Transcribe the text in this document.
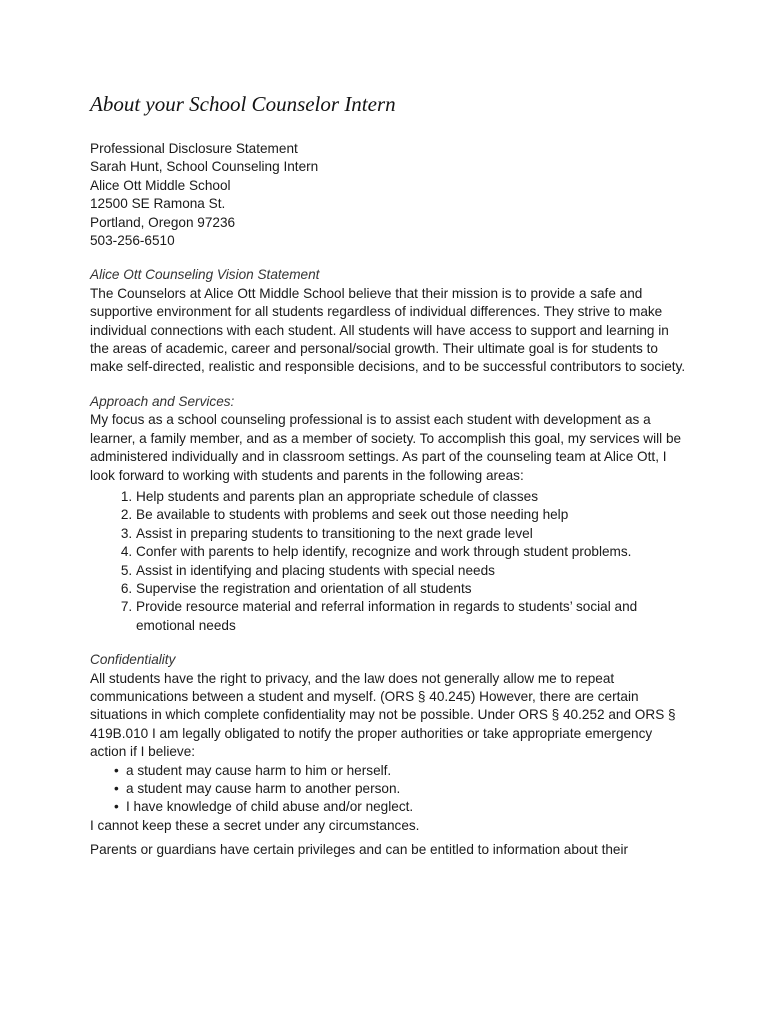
About your School Counselor Intern
Professional Disclosure Statement
Sarah Hunt, School Counseling Intern
Alice Ott Middle School
12500 SE Ramona St.
Portland, Oregon 97236
503-256-6510
Alice Ott Counseling Vision Statement

The Counselors at Alice Ott Middle School believe that their mission is to provide a safe and supportive environment for all students regardless of individual differences. They strive to make individual connections with each student. All students will have access to support and learning in the areas of academic, career and personal/social growth. Their ultimate goal is for students to make self-directed, realistic and responsible decisions, and to be successful contributors to society.

Approach and Services:

My focus as a school counseling professional is to assist each student with development as a learner, a family member, and as a member of society. To accomplish this goal, my services will be administered individually and in classroom settings. As part of the counseling team at Alice Ott, I look forward to working with students and parents in the following areas:

1. Help students and parents plan an appropriate schedule of classes
2. Be available to students with problems and seek out those needing help
3. Assist in preparing students to transitioning to the next grade level
4. Confer with parents to help identify, recognize and work through student problems.
5. Assist in identifying and placing students with special needs
6. Supervise the registration and orientation of all students
7. Provide resource material and referral information in regards to students’ social and emotional needs
Confidentiality

All students have the right to privacy, and the law does not generally allow me to repeat communications between a student and myself. (ORS § 40.245) However, there are certain situations in which complete confidentiality may not be possible. Under ORS § 40.252 and ORS § 419B.010 I am legally obligated to notify the proper authorities or take appropriate emergency action if I believe:

• a student may cause harm to him or herself.
• a student may cause harm to another person.
• I have knowledge of child abuse and/or neglect.

I cannot keep these a secret under any circumstances.

Parents or guardians have certain privileges and can be entitled to information about their
